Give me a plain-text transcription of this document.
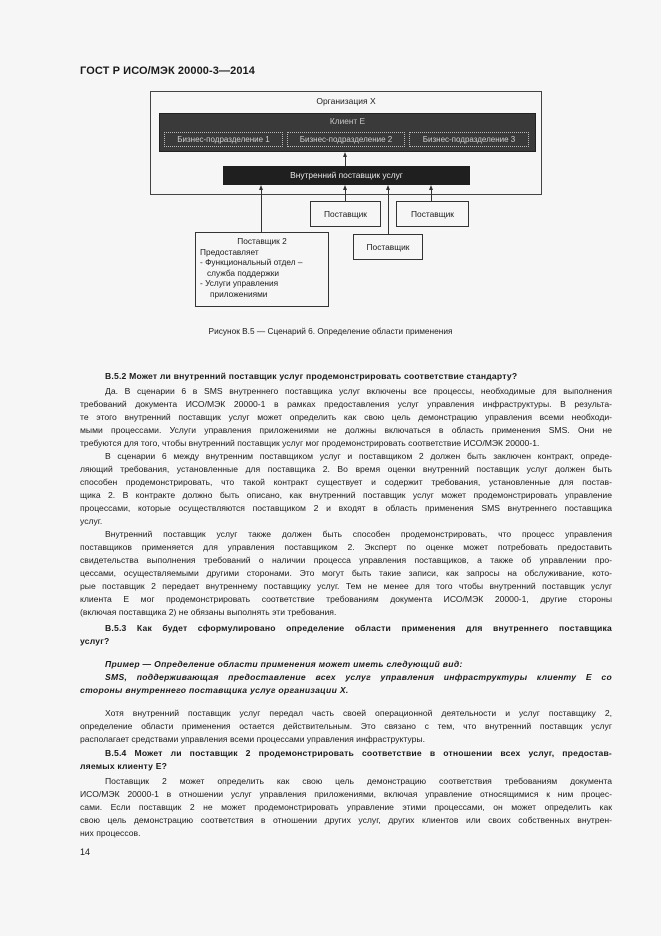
ГОСТ Р ИСО/МЭК 20000-3—2014
Организация Х
Клиент Е
Бизнес-подразделение 1	Бизнес-подразделение 2	Бизнес-подразделение 3
Внутренний поставщик услуг
Поставщик	Поставщик
Поставщик
Поставщик 2
Предоставляет
- Функциональный отдел –
служба поддержки
- Услуги управления
приложениями
Рисунок В.5 — Сценарий 6. Определение области применения
В.5.2 Может ли внутренний поставщик услуг продемонстрировать соответствие стандарту?
Да. В сценарии 6 в SMS внутреннего поставщика услуг включены все процессы, необходимые для выполнения
требований документа ИСО/МЭК 20000-1 в рамках предоставления услуг управления инфраструктуры. В результа-
те этого внутренний поставщик услуг может определить как свою цель демонстрацию управления всеми необходи-
мыми процессами. Услуги управления приложениями не должны включаться в область применения SMS. Они не
требуются для того, чтобы внутренний поставщик услуг мог продемонстрировать соответствие ИСО/МЭК 20000-1.
В сценарии 6 между внутренним поставщиком услуг и поставщиком 2 должен быть заключен контракт, опреде-
ляющий требования, установленные для поставщика 2. Во время оценки внутренний поставщик услуг должен быть
способен продемонстрировать, что такой контракт существует и содержит требования, установленные для постав-
щика 2. В контракте должно быть описано, как внутренний поставщик услуг может продемонстрировать управление
процессами, которые осуществляются поставщиком 2 и входят в область применения SMS внутреннего поставщика
услуг.
Внутренний поставщик услуг также должен быть способен продемонстрировать, что процесс управления
поставщиков применяется для управления поставщиком 2. Эксперт по оценке может потребовать предоставить
свидетельства выполнения требований о наличии процесса управления поставщиков, а также об управлении про-
цессами, осуществляемыми другими сторонами. Это могут быть такие записи, как запросы на обслуживание, кото-
рые поставщик 2 передает внутреннему поставщику услуг. Тем не менее для того чтобы внутренний поставщик услуг
клиента Е мог продемонстрировать соответствие требованиям документа ИСО/МЭК 20000-1, другие стороны
(включая поставщика 2) не обязаны выполнять эти требования.
В.5.3 Как будет сформулировано определение области применения для внутреннего поставщика
услуг?
Пример — Определение области применения может иметь следующий вид:
SMS, поддерживающая предоставление всех услуг управления инфраструктуры клиенту Е со
стороны внутреннего поставщика услуг организации Х.
Хотя внутренний поставщик услуг передал часть своей операционной деятельности и услуг поставщику 2,
определение области применения остается действительным. Это связано с тем, что внутренний поставщик услуг
располагает средствами управления всеми процессами управления инфраструктуры.
В.5.4 Может ли поставщик 2 продемонстрировать соответствие в отношении всех услуг, предостав-
ляемых клиенту Е?
Поставщик 2 может определить как свою цель демонстрацию соответствия требованиям документа
ИСО/МЭК 20000-1 в отношении услуг управления приложениями, включая управление относящимися к ним процес-
сами. Если поставщик 2 не может продемонстрировать управление этими процессами, он может определить как
свою цель демонстрацию соответствия в отношении других услуг, других клиентов или своих собственных внутрен-
них процессов.
14
